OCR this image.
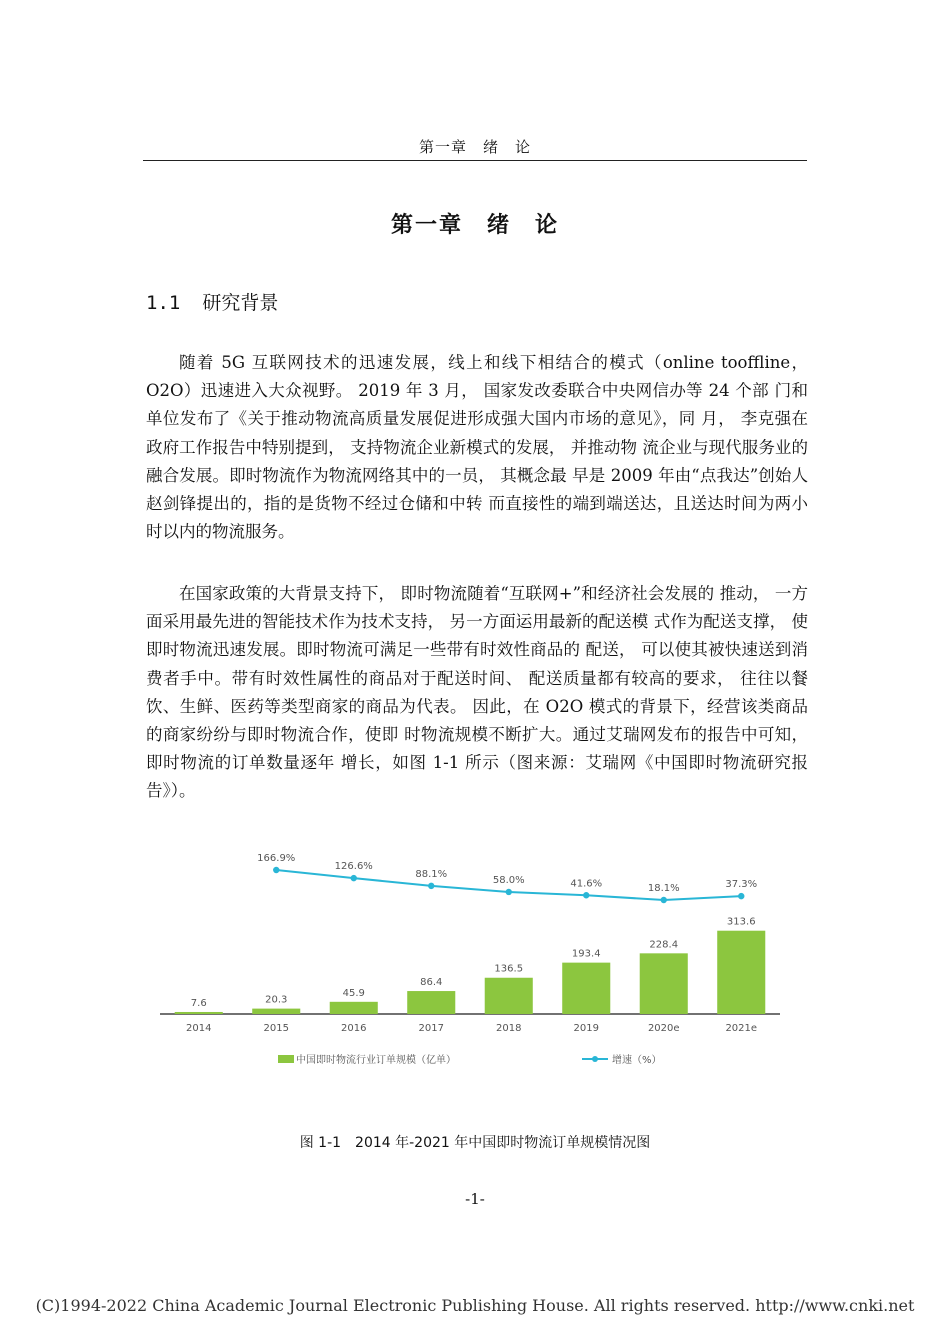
第一章　绪　论
第一章　绪　论
1.1 研究背景

随着 5G 互联网技术的迅速发展，线上和线下相结合的模式（online tooffline， O2O）迅速进入大众视野。 2019 年 3 月， 国家发改委联合中央网信办等 24 个部 门和单位发布了《关于推动物流高质量发展促进形成强大国内市场的意见》，同 月， 李克强在政府工作报告中特别提到， 支持物流企业新模式的发展， 并推动物 流企业与现代服务业的融合发展。即时物流作为物流网络其中的一员， 其概念最 早是 2009 年由“点我达”创始人赵剑锋提出的，指的是货物不经过仓储和中转 而直接性的端到端送达，且送达时间为两小时以内的物流服务。

在国家政策的大背景支持下， 即时物流随着“互联网+”和经济社会发展的 推动， 一方面采用最先进的智能技术作为技术支持， 另一方面运用最新的配送模 式作为配送支撑， 使即时物流迅速发展。即时物流可满足一些带有时效性商品的 配送， 可以使其被快速送到消费者手中。带有时效性属性的商品对于配送时间、 配送质量都有较高的要求， 往往以餐饮、生鲜、医药等类型商家的商品为代表。 因此，在 O2O 模式的背景下，经营该类商品的商家纷纷与即时物流合作，使即 时物流规模不断扩大。通过艾瑞网发布的报告中可知， 即时物流的订单数量逐年 增长，如图 1-1 所示（图来源：艾瑞网《中国即时物流研究报告》）。

7.6
2014
20.3
2015
45.9
2016
86.4
2017
136.5
2018
193.4
2019
228.4
2020e
313.6
2021e
166.9%
126.6%
88.1%
58.0%	41.6%	18.1%	37.3%
中国即时物流行业订单规模（亿单）	增速（%）
图 1-1　2014 年-2021 年中国即时物流订单规模情况图
-1-
(C)1994-2022 China Academic Journal Electronic Publishing House. All rights reserved. http://www.cnki.net
